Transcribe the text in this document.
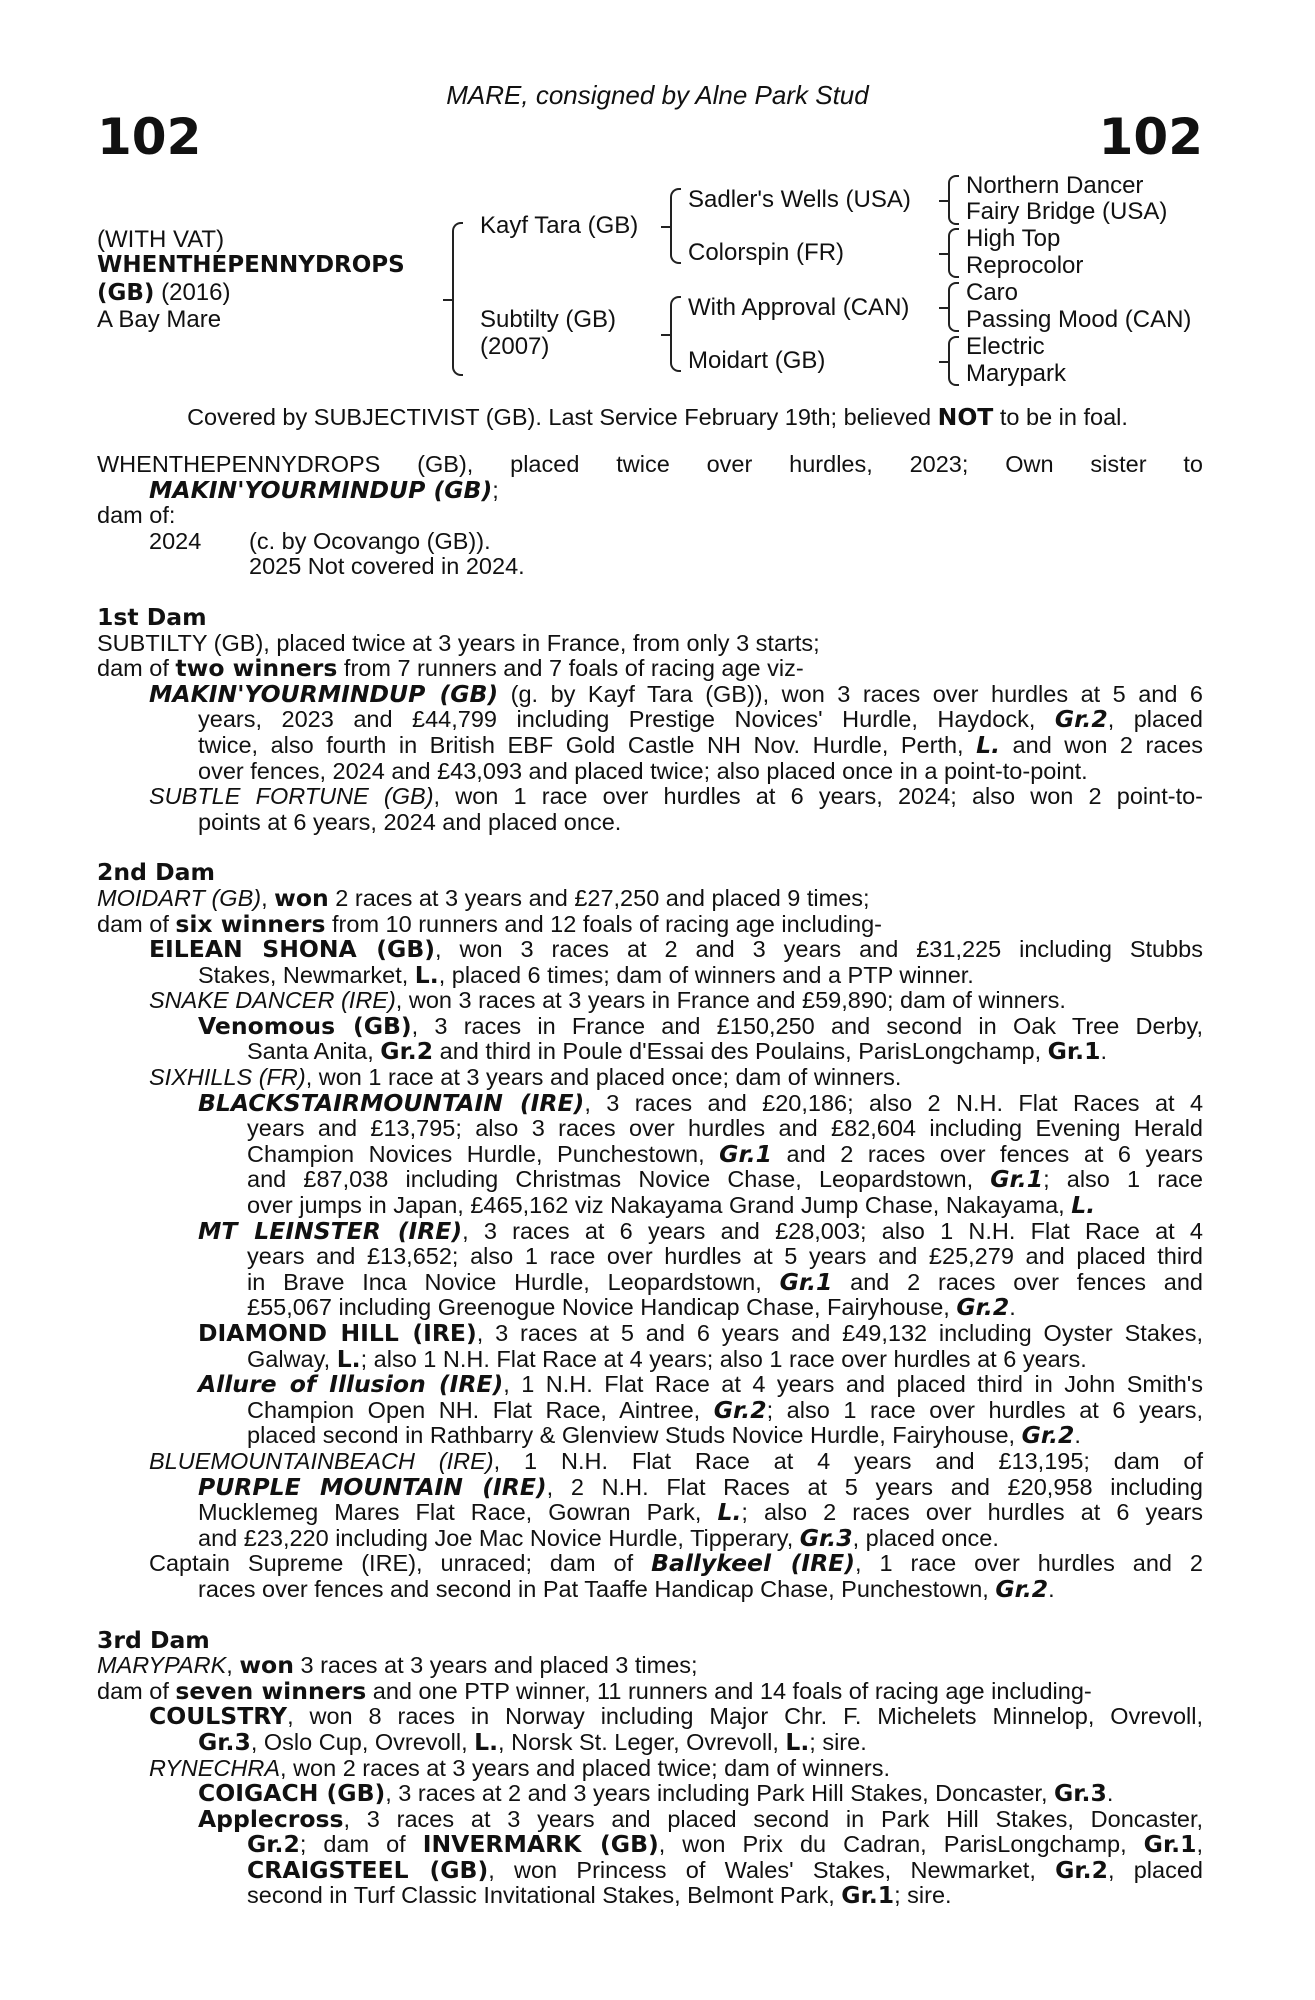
102	102
MARE, consigned by Alne Park Stud
(WITH VAT)
WHENTHEPENNYDROPS
(GB) (2016)
A Bay Mare
Kayf Tara (GB)
Subtilty (GB)
(2007)
Sadler's Wells (USA)
Colorspin (FR)
With Approval (CAN)
Moidart (GB)
Northern Dancer
Fairy Bridge (USA)
High Top
Reprocolor
Caro
Passing Mood (CAN)
Electric
Marypark
Covered by SUBJECTIVIST (GB). Last Service February 19th; believed NOT to be in foal.

WHENTHEPENNYDROPS (GB), placed twice over hurdles, 2023; Own sister to

MAKIN'YOURMINDUP (GB);

dam of:

2024 (c. by Ocovango (GB)).

2025 Not covered in 2024.

1st Dam

SUBTILTY (GB), placed twice at 3 years in France, from only 3 starts;

dam of two winners from 7 runners and 7 foals of racing age viz-

MAKIN'YOURMINDUP (GB) (g. by Kayf Tara (GB)), won 3 races over hurdles at 5 and 6

years, 2023 and £44,799 including Prestige Novices' Hurdle, Haydock, Gr.2, placed

twice, also fourth in British EBF Gold Castle NH Nov. Hurdle, Perth, L. and won 2 races

over fences, 2024 and £43,093 and placed twice; also placed once in a point-to-point.

SUBTLE FORTUNE (GB), won 1 race over hurdles at 6 years, 2024; also won 2 point-to-

points at 6 years, 2024 and placed once.

2nd Dam

MOIDART (GB), won 2 races at 3 years and £27,250 and placed 9 times;

dam of six winners from 10 runners and 12 foals of racing age including-

EILEAN SHONA (GB), won 3 races at 2 and 3 years and £31,225 including Stubbs

Stakes, Newmarket, L., placed 6 times; dam of winners and a PTP winner.

SNAKE DANCER (IRE), won 3 races at 3 years in France and £59,890; dam of winners.

Venomous (GB), 3 races in France and £150,250 and second in Oak Tree Derby,

Santa Anita, Gr.2 and third in Poule d'Essai des Poulains, ParisLongchamp, Gr.1.

SIXHILLS (FR), won 1 race at 3 years and placed once; dam of winners.

BLACKSTAIRMOUNTAIN (IRE), 3 races and £20,186; also 2 N.H. Flat Races at 4

years and £13,795; also 3 races over hurdles and £82,604 including Evening Herald

Champion Novices Hurdle, Punchestown, Gr.1 and 2 races over fences at 6 years

and £87,038 including Christmas Novice Chase, Leopardstown, Gr.1; also 1 race

over jumps in Japan, £465,162 viz Nakayama Grand Jump Chase, Nakayama, L.

MT LEINSTER (IRE), 3 races at 6 years and £28,003; also 1 N.H. Flat Race at 4

years and £13,652; also 1 race over hurdles at 5 years and £25,279 and placed third

in Brave Inca Novice Hurdle, Leopardstown, Gr.1 and 2 races over fences and

£55,067 including Greenogue Novice Handicap Chase, Fairyhouse, Gr.2.

DIAMOND HILL (IRE), 3 races at 5 and 6 years and £49,132 including Oyster Stakes,

Galway, L.; also 1 N.H. Flat Race at 4 years; also 1 race over hurdles at 6 years.

Allure of Illusion (IRE), 1 N.H. Flat Race at 4 years and placed third in John Smith's

Champion Open NH. Flat Race, Aintree, Gr.2; also 1 race over hurdles at 6 years,

placed second in Rathbarry & Glenview Studs Novice Hurdle, Fairyhouse, Gr.2.

BLUEMOUNTAINBEACH (IRE), 1 N.H. Flat Race at 4 years and £13,195; dam of

PURPLE MOUNTAIN (IRE), 2 N.H. Flat Races at 5 years and £20,958 including

Mucklemeg Mares Flat Race, Gowran Park, L.; also 2 races over hurdles at 6 years

and £23,220 including Joe Mac Novice Hurdle, Tipperary, Gr.3, placed once.

Captain Supreme (IRE), unraced; dam of Ballykeel (IRE), 1 race over hurdles and 2

races over fences and second in Pat Taaffe Handicap Chase, Punchestown, Gr.2.

3rd Dam

MARYPARK, won 3 races at 3 years and placed 3 times;

dam of seven winners and one PTP winner, 11 runners and 14 foals of racing age including-

COULSTRY, won 8 races in Norway including Major Chr. F. Michelets Minnelop, Ovrevoll,

Gr.3, Oslo Cup, Ovrevoll, L., Norsk St. Leger, Ovrevoll, L.; sire.

RYNECHRA, won 2 races at 3 years and placed twice; dam of winners.

COIGACH (GB), 3 races at 2 and 3 years including Park Hill Stakes, Doncaster, Gr.3.

Applecross, 3 races at 3 years and placed second in Park Hill Stakes, Doncaster,

Gr.2; dam of INVERMARK (GB), won Prix du Cadran, ParisLongchamp, Gr.1,

CRAIGSTEEL (GB), won Princess of Wales' Stakes, Newmarket, Gr.2, placed

second in Turf Classic Invitational Stakes, Belmont Park, Gr.1; sire.
